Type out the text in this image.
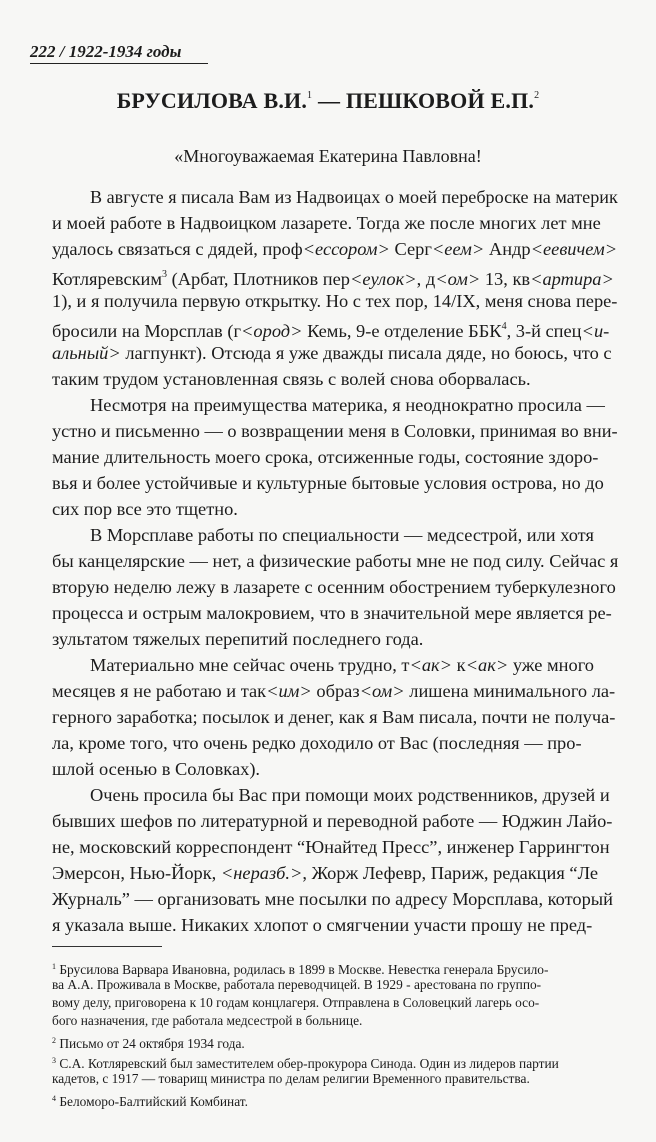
222 / 1922-1934 годы
БРУСИЛОВА В.И.$^1$ — ПЕШКОВОЙ Е.П.$^2$
«Многоуважаемая Екатерина Павловна!
В августе я писала Вам из Надвоицах о моей переброске на материк
и моей работе в Надвоицком лазарете. Тогда же после многих лет мне
удалось связаться с дядей, проф<ессором> Серг<еем> Андр<еевичем>
Котляревским$^3$ (Арбат, Плотников пер<еулок>, д<ом> 13, кв<артира>
1), и я получила первую открытку. Но с тех пор, 14/IX, меня снова пере-
бросили на Морсплав (г<ород> Кемь, 9-е отделение ББК$^4$, 3-й спец<и-
альный> лагпункт). Отсюда я уже дважды писала дяде, но боюсь, что с
таким трудом установленная связь с волей снова оборвалась.
Несмотря на преимущества материка, я неоднократно просила —
устно и письменно — о возвращении меня в Соловки, принимая во вни-
мание длительность моего срока, отсиженные годы, состояние здоро-
вья и более устойчивые и культурные бытовые условия острова, но до
сих пор все это тщетно.
В Морсплаве работы по специальности — медсестрой, или хотя
бы канцелярские — нет, а физические работы мне не под силу. Сейчас я
вторую неделю лежу в лазарете с осенним обострением туберкулезного
процесса и острым малокровием, что в значительной мере является ре-
зультатом тяжелых перепитий последнего года.
Материально мне сейчас очень трудно, т<ак> к<ак> уже много
месяцев я не работаю и так<им> образ<ом> лишена минимального ла-
герного заработка; посылок и денег, как я Вам писала, почти не получа-
ла, кроме того, что очень редко доходило от Вас (последняя — про-
шлой осенью в Соловках).
Очень просила бы Вас при помощи моих родственников, друзей и
бывших шефов по литературной и переводной работе — Юджин Лайо-
не, московский корреспондент “Юнайтед Пресс”, инженер Гаррингтон
Эмерсон, Нью-Йорк, <неразб.>, Жорж Лефевр, Париж, редакция “Ле
Журналь” — организовать мне посылки по адресу Морсплава, который
я указала выше. Никаких хлопот о смягчении участи прошу не пред-
$^1$ Брусилова Варвара Ивановна, родилась в 1899 в Москве. Невестка генерала Брусило-
ва А.А. Проживала в Москве, работала переводчицей. В 1929 - арестована по группо-
вому делу, приговорена к 10 годам концлагеря. Отправлена в Соловецкий лагерь осо-
бого назначения, где работала медсестрой в больнице.
$^2$ Письмо от 24 октября 1934 года.
$^3$ С.А. Котляревский был заместителем обер-прокурора Синода. Один из лидеров партии
кадетов, с 1917 — товарищ министра по делам религии Временного правительства.
$^4$ Беломоро-Балтийский Комбинат.
